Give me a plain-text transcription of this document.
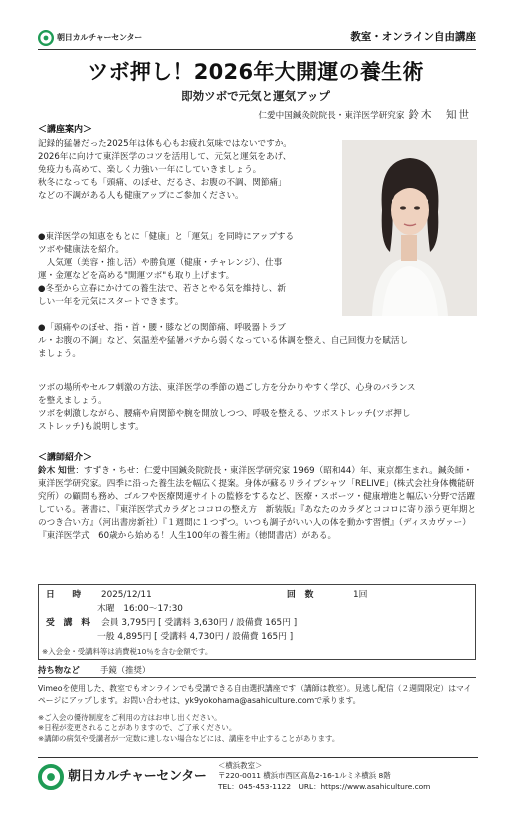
朝日カルチャーセンター	教室・オンライン自由講座
ツボ押し！2026年大開運の養生術
即効ツボで元気と運気アップ
仁愛中国鍼灸院院長・東洋医学研究家 鈴木　知世
＜講座案内＞

記録的猛暑だった2025年は体も心もお疲れ気味ではないですか。
2026年に向けて東洋医学のコツを活用して、元気と運気をあげ、
免疫力も高めて、楽しく力強い一年にしていきましょう。
秋冬になっても「頭痛、のぼせ、だるさ、お腹の不調、関節痛」
などの不調がある人も健康アップにご参加ください。

●東洋医学の知恵をもとに「健康」と「運気」を同時にアップする
ツボや健康法を紹介。
　人気運（美容・推し活）や勝負運（健康・チャレンジ）、仕事
運・金運などを高める"開運ツボ"も取り上げます。
●冬至から立春にかけての養生法で、若さとやる気を維持し、新
しい一年を元気にスタートできます。

●「頭痛やのぼせ、指・首・腰・膝などの関節痛、呼吸器トラブ
ル・お腹の不調」など、気温差や猛暑バテから弱くなっている体調を整え、自己回復力を賦活し
ましょう。

ツボの場所やセルフ刺激の方法、東洋医学の季節の過ごし方を分かりやすく学び、心身のバランス
を整えましょう。
ツボを刺激しながら、腰痛や肩関節や腕を開放しつつ、呼吸を整える、ツボストレッチ(ツボ押し
ストレッチ)も説明します。

＜講師紹介＞

鈴木 知世：すずき・ちせ：仁愛中国鍼灸院院長・東洋医学研究家 1969（昭和44）年、東京都生まれ。鍼灸師・東洋医学研究家。四季に沿った養生法を幅広く提案。身体が蘇るリライブシャツ「RELIVE」(株式会社身体機能研究所）の顧問も務め、ゴルフや医療関連サイトの監修をするなど、医療・スポーツ・健康増進と幅広い分野で活躍している。著書に、『東洋医学式カラダとココロの整え方　新装版』『あなたのカラダとココロに寄り添う更年期とのつき合い方』（河出書房新社）『１週間に１つずつ。いつも調子がいい人の体を動かす習慣』（ディスカヴァー）『東洋医学式　60歳から始める！人生100年の養生術』（徳間書店）がある。

日　　時 2025/12/11	回　数	1回
木曜　16:00～17:30
受　講　料 会員 3,795円 [ 受講料 3,630円 / 設備費 165円 ]
一般 4,895円 [ 受講料 4,730円 / 設備費 165円 ]
※入会金・受講料等は消費税10％を含む金額です。
持ち物など 手鏡（推奨）
Vimeoを使用した、教室でもオンラインでも受講できる自由選択講座です（講師は教室）。見逃し配信（２週間限定）はマイページにアップします。お問い合わせは、yk9yokohama@asahiculture.comで承ります。
※ご入会の優待制度をご利用の方はお申し出ください。
※日程が変更されることがありますので、ご了承ください。
※講師の病気や受講者が一定数に達しない場合などには、講座を中止することがあります。
朝日カルチャーセンター
＜横浜教室＞
〒220-0011 横浜市西区高島2-16-1ルミネ横浜 8階
TEL：045-453-1122　URL：https://www.asahiculture.com
